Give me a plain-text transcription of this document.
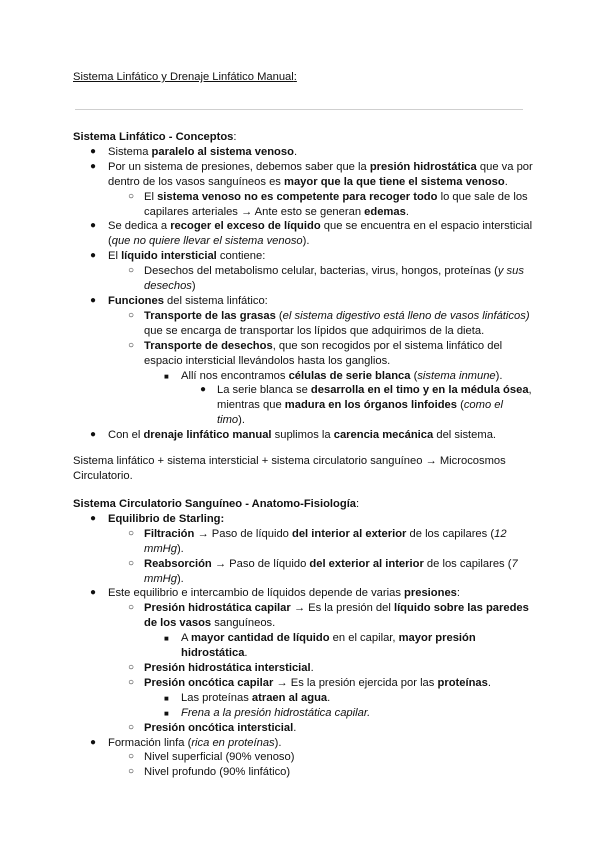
Sistema Linfático y Drenaje Linfático Manual:
Sistema Linfático - Conceptos:
● Sistema paralelo al sistema venoso.
● Por un sistema de presiones, debemos saber que la presión hidrostática que va por dentro de los vasos sanguíneos es mayor que la que tiene el sistema venoso.
○ El sistema venoso no es competente para recoger todo lo que sale de los capilares arteriales → Ante esto se generan edemas.
● Se dedica a recoger el exceso de líquido que se encuentra en el espacio intersticial (que no quiere llevar el sistema venoso).
● El líquido intersticial contiene:
○ Desechos del metabolismo celular, bacterias, virus, hongos, proteínas (y sus desechos)
● Funciones del sistema linfático:
○ Transporte de las grasas (el sistema digestivo está lleno de vasos linfáticos) que se encarga de transportar los lípidos que adquirimos de la dieta.
○ Transporte de desechos, que son recogidos por el sistema linfático del espacio intersticial llevándolos hasta los ganglios.
■ Allí nos encontramos células de serie blanca (sistema inmune).
● La serie blanca se desarrolla en el timo y en la médula ósea, mientras que madura en los órganos linfoides (como el timo).
● Con el drenaje linfático manual suplimos la carencia mecánica del sistema.
Sistema linfático + sistema intersticial + sistema circulatorio sanguíneo → Microcosmos
Circulatorio.
Sistema Circulatorio Sanguíneo - Anatomo-Fisiología:
● Equilibrio de Starling:
○ Filtración → Paso de líquido del interior al exterior de los capilares (12 mmHg).
○ Reabsorción → Paso de líquido del exterior al interior de los capilares (7 mmHg).
● Este equilibrio e intercambio de líquidos depende de varias presiones:
○ Presión hidrostática capilar → Es la presión del líquido sobre las paredes de los vasos sanguíneos.
■ A mayor cantidad de líquido en el capilar, mayor presión hidrostática.
○ Presión hidrostática intersticial.
○ Presión oncótica capilar → Es la presión ejercida por las proteínas.
■ Las proteínas atraen al agua.
■ Frena a la presión hidrostática capilar.
○ Presión oncótica intersticial.
● Formación linfa (rica en proteínas).
○ Nivel superficial (90% venoso)
○ Nivel profundo (90% linfático)
